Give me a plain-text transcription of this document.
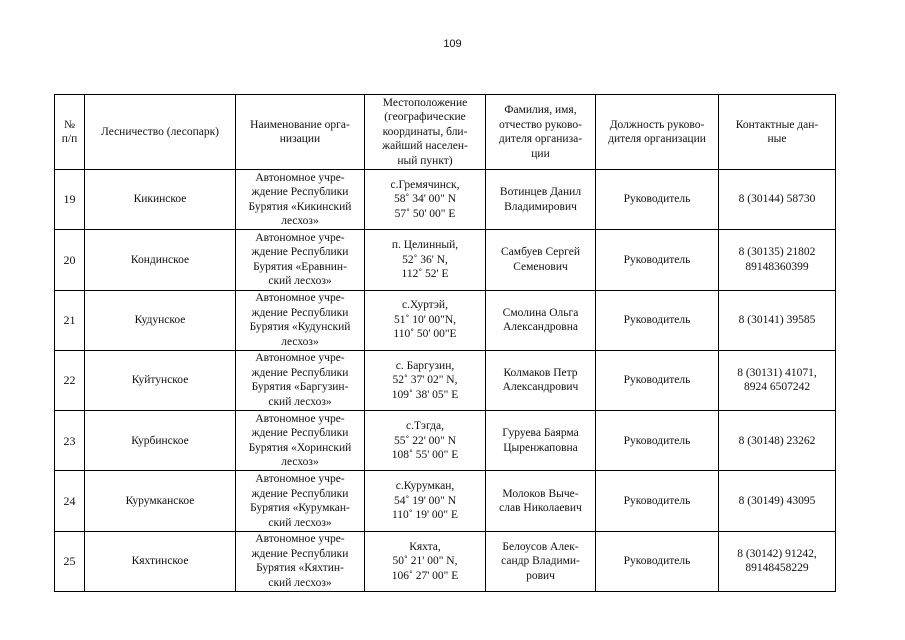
109
№
п/п	Лесничество (лесопарк)	Наименование орга-
низации	Местоположение
(географические
координаты, бли-
жайший населен-
ный пункт)	Фамилия, имя,
отчество руково-
дителя организа-
ции	Должность руково-
дителя организации	Контактные дан-
ные

19	Кикинское	Автономное учре-
ждение Республики
Бурятия «Кикинский
лесхоз»	с.Гремячинск,
58˚ 34' 00" N
57˚ 50' 00" E	Вотинцев Данил
Владимирович	Руководитель	8 (30144) 58730

20	Кондинское	Автономное учре-
ждение Республики
Бурятия «Еравнин-
ский лесхоз»	п. Целинный,
52˚ 36' N,
112˚ 52' E	Самбуев Сергей
Семенович	Руководитель	8 (30135) 21802
89148360399

21	Кудунское	Автономное учре-
ждение Республики
Бурятия «Кудунский
лесхоз»	с.Хуртэй,
51˚ 10' 00"N,
110˚ 50' 00"E	Смолина Ольга
Александровна	Руководитель	8 (30141) 39585

22	Куйтунское	Автономное учре-
ждение Республики
Бурятия «Баргузин-
ский лесхоз»	с. Баргузин,
52˚ 37' 02" N,
109˚ 38' 05" E	Колмаков Петр
Александрович	Руководитель	8 (30131) 41071,
8924 6507242

23	Курбинское	Автономное учре-
ждение Республики
Бурятия «Хоринский
лесхоз»	с.Тэгда,
55˚ 22' 00" N
108˚ 55' 00" E	Гуруева Баярма
Цыренжаповна	Руководитель	8 (30148) 23262

24	Курумканское	Автономное учре-
ждение Республики
Бурятия «Курумкан-
ский лесхоз»	с.Курумкан,
54˚ 19' 00" N
110˚ 19' 00" E	Молоков Выче-
слав Николаевич	Руководитель	8 (30149) 43095

25	Кяхтинское	Автономное учре-
ждение Республики
Бурятия «Кяхтин-
ский лесхоз»	Кяхта,
50˚ 21' 00" N,
106˚ 27' 00" E	Белоусов Алек-
сандр Владими-
рович	Руководитель	8 (30142) 91242,
89148458229
